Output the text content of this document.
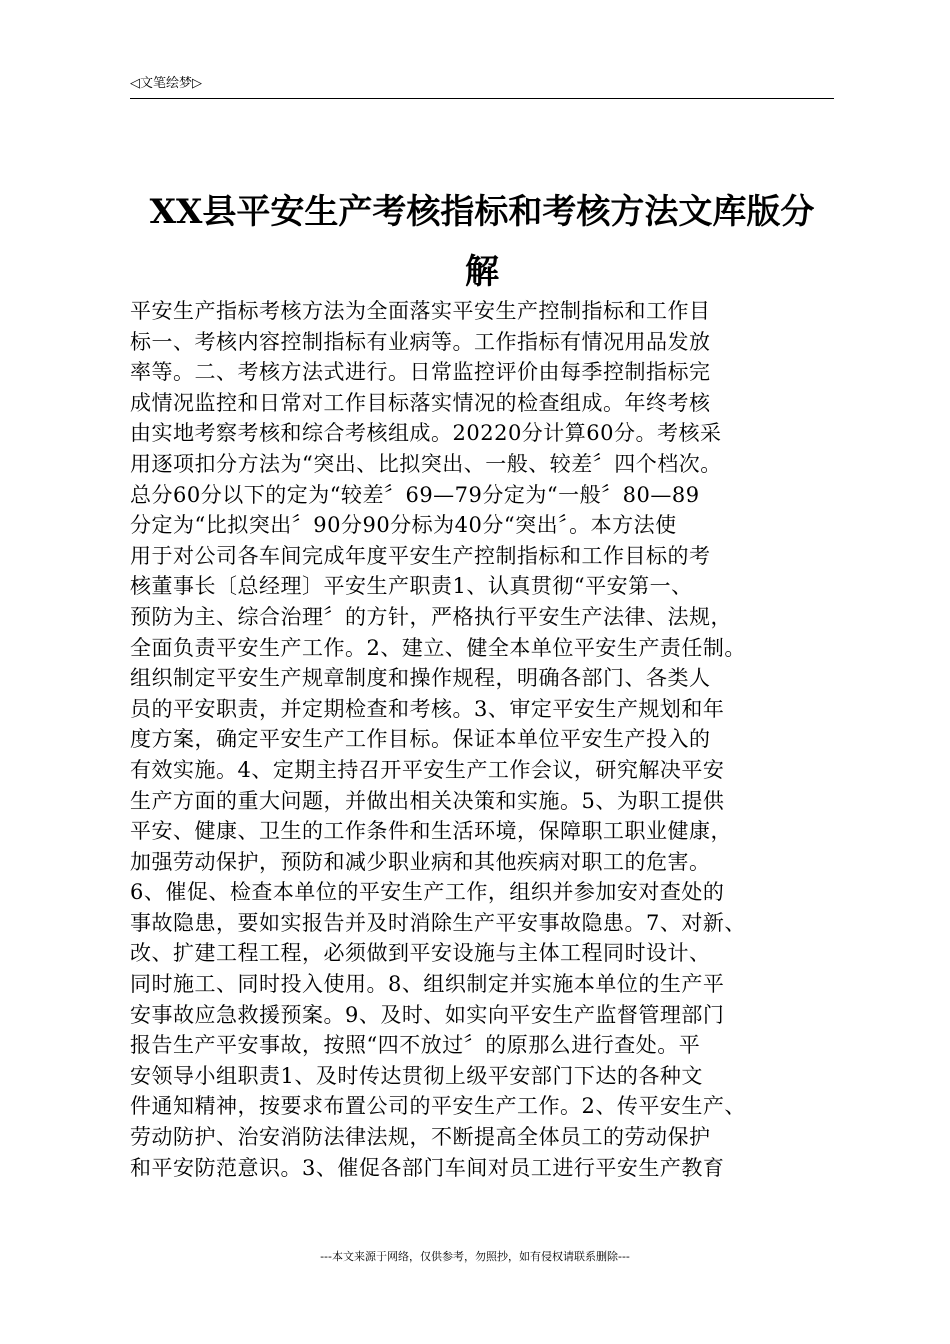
◁文笔绘梦▷
XX县平安生产考核指标和考核方法文库版分
解
平安生产指标考核方法为全面落实平安生产控制指标和工作目
标一、考核内容控制指标有业病等。工作指标有情况用品发放
率等。二、考核方法式进行。日常监控评价由每季控制指标完
成情况监控和日常对工作目标落实情况的检查组成。年终考核
由实地考察考核和综合考核组成。20220分计算60分。考核采
用逐项扣分方法为“突出、比拟突出、一般、较差〞四个档次。
总分60分以下的定为“较差〞69—79分定为“一般〞80—89
分定为“比拟突出〞90分90分标为40分“突出〞。本方法使
用于对公司各车间完成年度平安生产控制指标和工作目标的考
核董事长〔总经理〕平安生产职责1、认真贯彻“平安第一、
预防为主、综合治理〞的方针，严格执行平安生产法律、法规，
全面负责平安生产工作。2、建立、健全本单位平安生产责任制。
组织制定平安生产规章制度和操作规程，明确各部门、各类人
员的平安职责，并定期检查和考核。3、审定平安生产规划和年
度方案，确定平安生产工作目标。保证本单位平安生产投入的
有效实施。4、定期主持召开平安生产工作会议，研究解决平安
生产方面的重大问题，并做出相关决策和实施。5、为职工提供
平安、健康、卫生的工作条件和生活环境，保障职工职业健康，
加强劳动保护，预防和减少职业病和其他疾病对职工的危害。
6、催促、检查本单位的平安生产工作，组织并参加安对查处的
事故隐患，要如实报告并及时消除生产平安事故隐患。7、对新、
改、扩建工程工程，必须做到平安设施与主体工程同时设计、
同时施工、同时投入使用。8、组织制定并实施本单位的生产平
安事故应急救援预案。9、及时、如实向平安生产监督管理部门
报告生产平安事故，按照“四不放过〞的原那么进行查处。平
安领导小组职责1、及时传达贯彻上级平安部门下达的各种文
件通知精神，按要求布置公司的平安生产工作。2、传平安生产、
劳动防护、治安消防法律法规，不断提高全体员工的劳动保护
和平安防范意识。3、催促各部门车间对员工进行平安生产教育
---本文来源于网络，仅供参考，勿照抄，如有侵权请联系删除---
